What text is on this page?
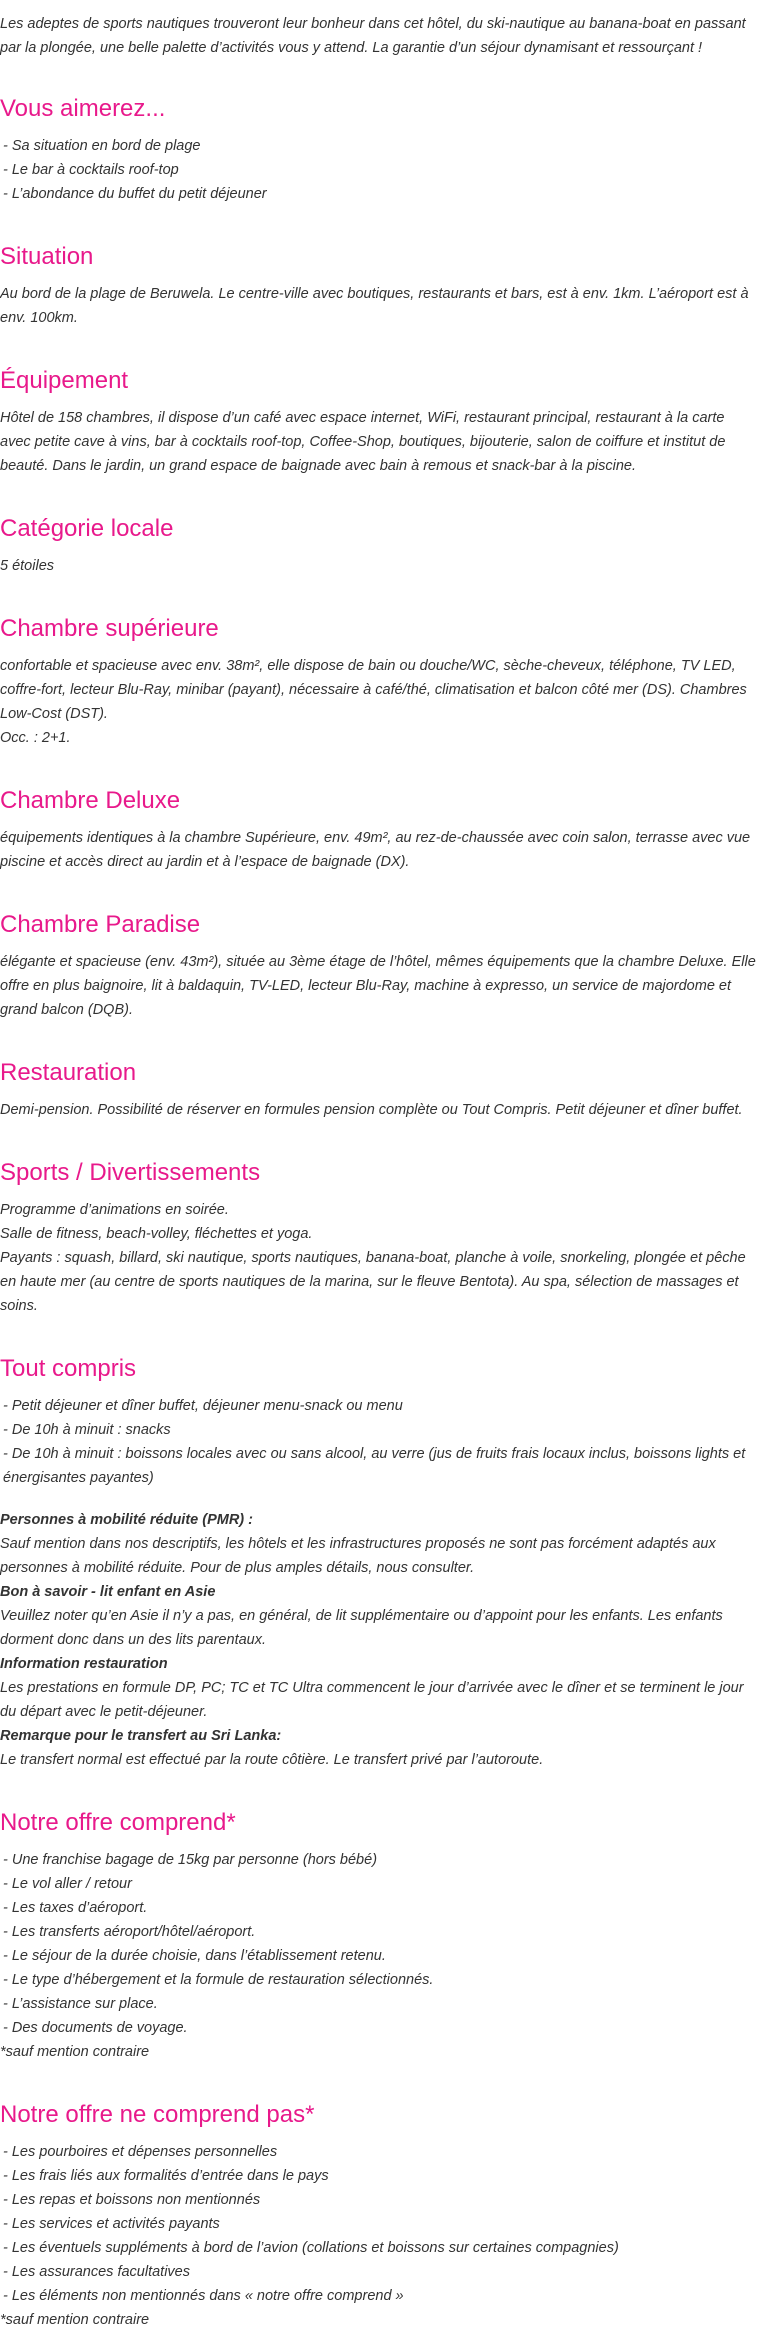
Les adeptes de sports nautiques trouveront leur bonheur dans cet hôtel, du ski-nautique au banana-boat en passant par la plongée, une belle palette d’activités vous y attend. La garantie d’un séjour dynamisant et ressourçant !

Vous aimerez...
- Sa situation en bord de plage
- Le bar à cocktails roof-top
- L’abondance du buffet du petit déjeuner
Situation

Au bord de la plage de Beruwela. Le centre-ville avec boutiques, restaurants et bars, est à env. 1km. L’aéroport est à env. 100km.

Équipement

Hôtel de 158 chambres, il dispose d’un café avec espace internet, WiFi, restaurant principal, restaurant à la carte avec petite cave à vins, bar à cocktails roof-top, Coffee-Shop, boutiques, bijouterie, salon de coiffure et institut de beauté. Dans le jardin, un grand espace de baignade avec bain à remous et snack-bar à la piscine.

Catégorie locale

5 étoiles

Chambre supérieure

confortable et spacieuse avec env. 38m², elle dispose de bain ou douche/WC, sèche-cheveux, téléphone, TV LED, coffre-fort, lecteur Blu-Ray, minibar (payant), nécessaire à café/thé, climatisation et balcon côté mer (DS). Chambres Low-Cost (DST).

Occ. : 2+1.

Chambre Deluxe

équipements identiques à la chambre Supérieure, env. 49m², au rez-de-chaussée avec coin salon, terrasse avec vue piscine et accès direct au jardin et à l’espace de baignade (DX).

Chambre Paradise

élégante et spacieuse (env. 43m²), située au 3ème étage de l’hôtel, mêmes équipements que la chambre Deluxe. Elle offre en plus baignoire, lit à baldaquin, TV-LED, lecteur Blu-Ray, machine à expresso, un service de majordome et grand balcon (DQB).

Restauration

Demi-pension. Possibilité de réserver en formules pension complète ou Tout Compris. Petit déjeuner et dîner buffet.

Sports / Divertissements
Programme d’animations en soirée.
Salle de fitness, beach-volley, fléchettes et yoga.
Payants : squash, billard, ski nautique, sports nautiques, banana-boat, planche à voile, snorkeling, plongée et pêche en haute mer (au centre de sports nautiques de la marina, sur le fleuve Bentota). Au spa, sélection de massages et soins.
Tout compris
- Petit déjeuner et dîner buffet, déjeuner menu-snack ou menu
- De 10h à minuit : snacks
- De 10h à minuit : boissons locales avec ou sans alcool, au verre (jus de fruits frais locaux inclus, boissons lights et énergisantes payantes)
Personnes à mobilité réduite (PMR) :
Sauf mention dans nos descriptifs, les hôtels et les infrastructures proposés ne sont pas forcément adaptés aux personnes à mobilité réduite. Pour de plus amples détails, nous consulter.
Bon à savoir - lit enfant en Asie
Veuillez noter qu’en Asie il n’y a pas, en général, de lit supplémentaire ou d’appoint pour les enfants. Les enfants dorment donc dans un des lits parentaux.
Information restauration
Les prestations en formule DP, PC; TC et TC Ultra commencent le jour d’arrivée avec le dîner et se terminent le jour du départ avec le petit-déjeuner.
Remarque pour le transfert au Sri Lanka:
Le transfert normal est effectué par la route côtière. Le transfert privé par l’autoroute.
Notre offre comprend*
- Une franchise bagage de 15kg par personne (hors bébé)
- Le vol aller / retour
- Les taxes d’aéroport.
- Les transferts aéroport/hôtel/aéroport.
- Le séjour de la durée choisie, dans l’établissement retenu.
- Le type d’hébergement et la formule de restauration sélectionnés.
- L’assistance sur place.
- Des documents de voyage.
*sauf mention contraire
Notre offre ne comprend pas*
- Les pourboires et dépenses personnelles
- Les frais liés aux formalités d’entrée dans le pays
- Les repas et boissons non mentionnés
- Les services et activités payants
- Les éventuels suppléments à bord de l’avion (collations et boissons sur certaines compagnies)
- Les assurances facultatives
- Les éléments non mentionnés dans « notre offre comprend »
*sauf mention contraire
